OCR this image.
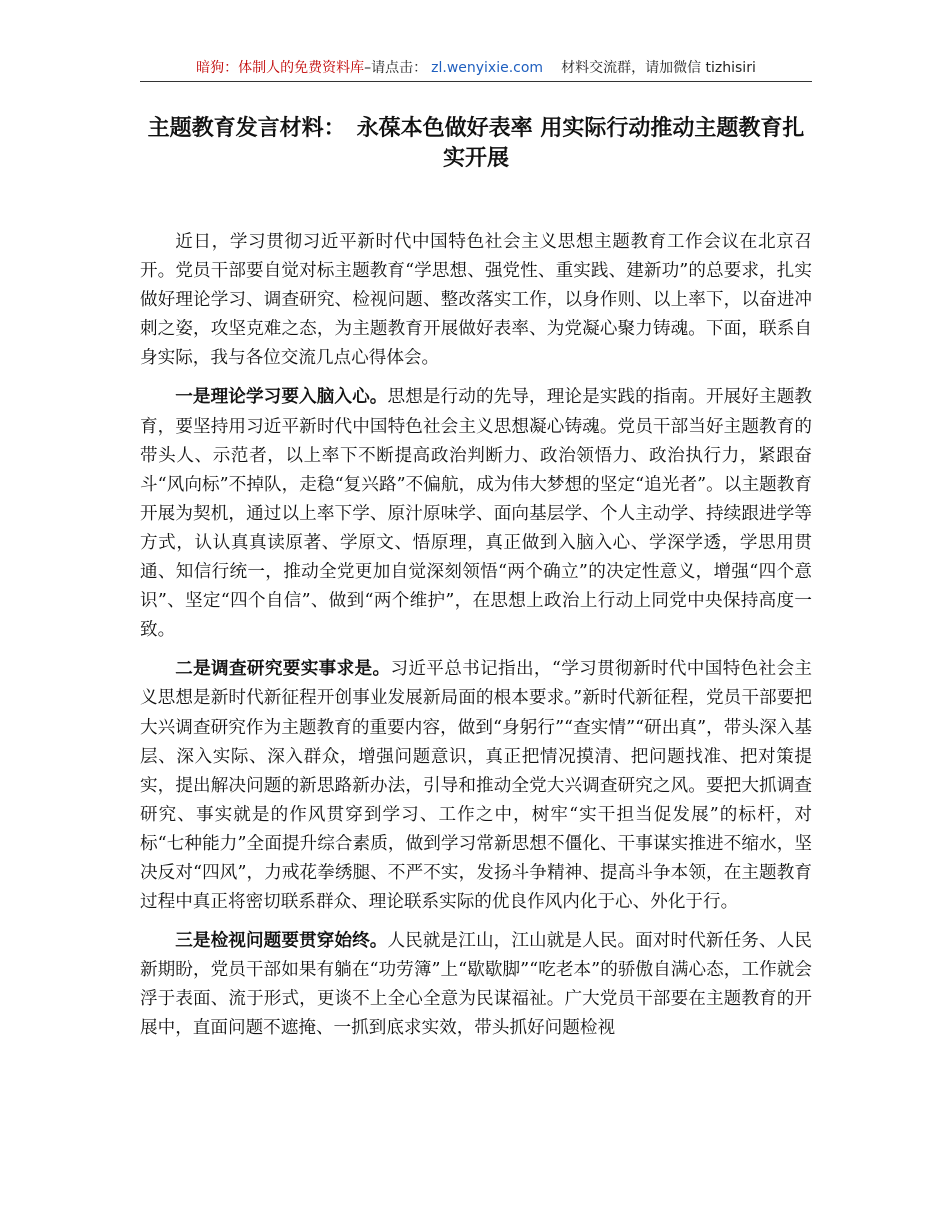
暗狗：体制人的免费资料库 –请点击： zl.wenyixie.com 材料交流群，请加微信 tizhisiri
主题教育发言材料：　永葆本色做好表率 用实际行动推动主题教育扎实开展

近日，学习贯彻习近平新时代中国特色社会主义思想主题教育工作会议在北京召开。党员干部要自觉对标主题教育“学思想、强党性、重实践、建新功”的总要求，扎实做好理论学习、调查研究、检视问题、整改落实工作，以身作则、以上率下，以奋进冲刺之姿，攻坚克难之态，为主题教育开展做好表率、为党凝心聚力铸魂。下面，联系自身实际，我与各位交流几点心得体会。

一是理论学习要入脑入心。思想是行动的先导，理论是实践的指南。开展好主题教育，要坚持用习近平新时代中国特色社会主义思想凝心铸魂。党员干部当好主题教育的带头人、示范者，以上率下不断提高政治判断力、政治领悟力、政治执行力，紧跟奋斗“风向标”不掉队，走稳“复兴路”不偏航，成为伟大梦想的坚定“追光者”。以主题教育开展为契机，通过以上率下学、原汁原味学、面向基层学、个人主动学、持续跟进学等方式，认认真真读原著、学原文、悟原理，真正做到入脑入心、学深学透，学思用贯通、知信行统一，推动全党更加自觉深刻领悟“两个确立”的决定性意义，增强“四个意识”、坚定“四个自信”、做到“两个维护”，在思想上政治上行动上同党中央保持高度一致。

二是调查研究要实事求是。习近平总书记指出，“学习贯彻新时代中国特色社会主义思想是新时代新征程开创事业发展新局面的根本要求。”新时代新征程，党员干部要把大兴调查研究作为主题教育的重要内容，做到“身躬行”“查实情”“研出真”，带头深入基层、深入实际、深入群众，增强问题意识，真正把情况摸清、把问题找准、把对策提实，提出解决问题的新思路新办法，引导和推动全党大兴调查研究之风。要把大抓调查研究、事实就是的作风贯穿到学习、工作之中，树牢“实干担当促发展”的标杆，对标“七种能力”全面提升综合素质，做到学习常新思想不僵化、干事谋实推进不缩水，坚决反对“四风”，力戒花拳绣腿、不严不实，发扬斗争精神、提高斗争本领，在主题教育过程中真正将密切联系群众、理论联系实际的优良作风内化于心、外化于行。

三是检视问题要贯穿始终。人民就是江山，江山就是人民。面对时代新任务、人民新期盼，党员干部如果有躺在“功劳簿”上“歇歇脚”“吃老本”的骄傲自满心态，工作就会浮于表面、流于形式，更谈不上全心全意为民谋福祉。广大党员干部要在主题教育的开展中，直面问题不遮掩、一抓到底求实效，带头抓好问题检视
